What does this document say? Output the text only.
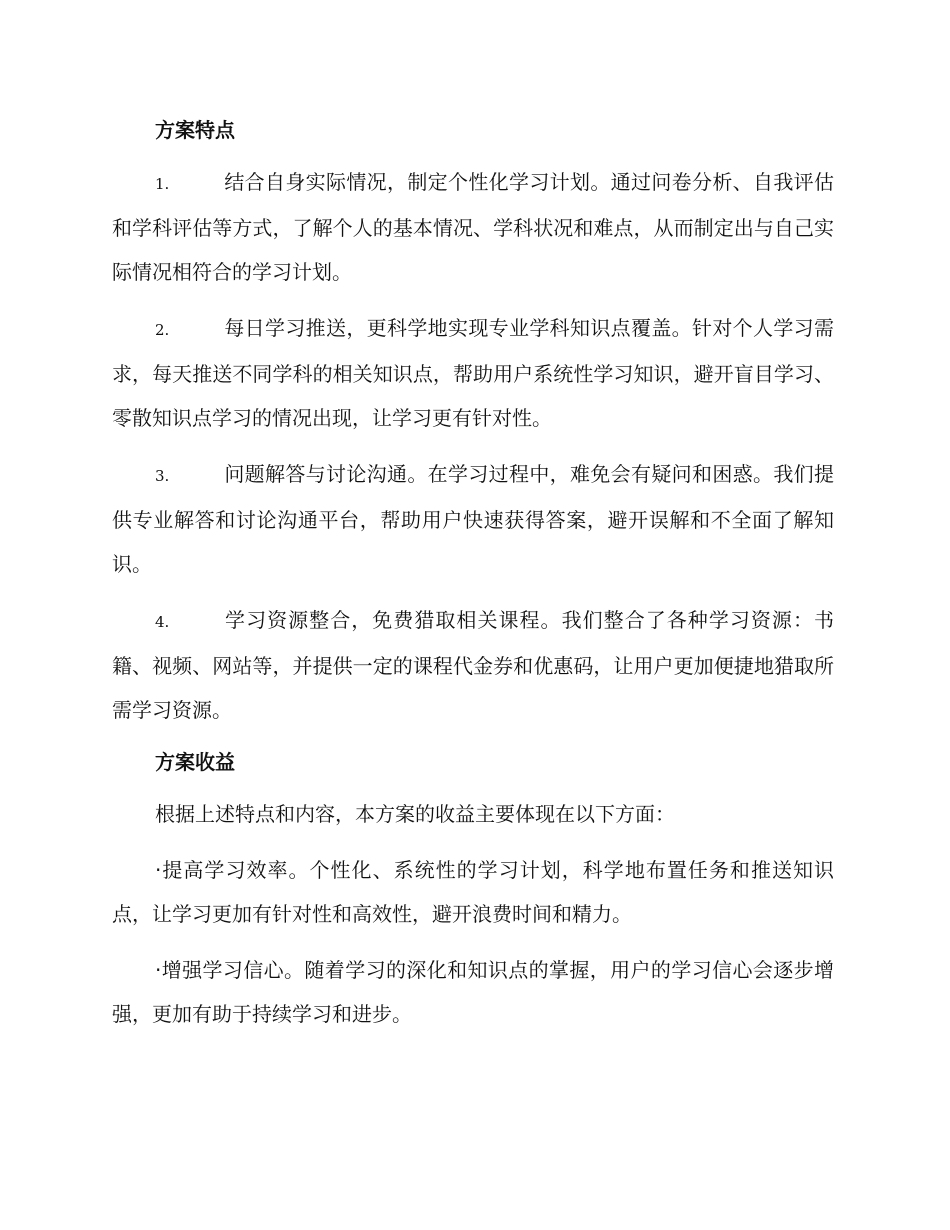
方案特点
1.	结合自身实际情况，制定个性化学习计划。通过问卷分析、自我评估和学科评估等方式，了解个人的基本情况、学科状况和难点，从而制定出与自己实际情况相符合的学习计划。
2.	每日学习推送，更科学地实现专业学科知识点覆盖。针对个人学习需求，每天推送不同学科的相关知识点，帮助用户系统性学习知识，避开盲目学习、零散知识点学习的情况出现，让学习更有针对性。
3.	问题解答与讨论沟通。在学习过程中，难免会有疑问和困惑。我们提供专业解答和讨论沟通平台，帮助用户快速获得答案，避开误解和不全面了解知识。
4.	学习资源整合，免费猎取相关课程。我们整合了各种学习资源：书籍、视频、网站等，并提供一定的课程代金券和优惠码，让用户更加便捷地猎取所需学习资源。
方案收益
根据上述特点和内容，本方案的收益主要体现在以下方面：
·提高学习效率。个性化、系统性的学习计划，科学地布置任务和推送知识点，让学习更加有针对性和高效性，避开浪费时间和精力。
·增强学习信心。随着学习的深化和知识点的掌握，用户的学习信心会逐步增强，更加有助于持续学习和进步。
